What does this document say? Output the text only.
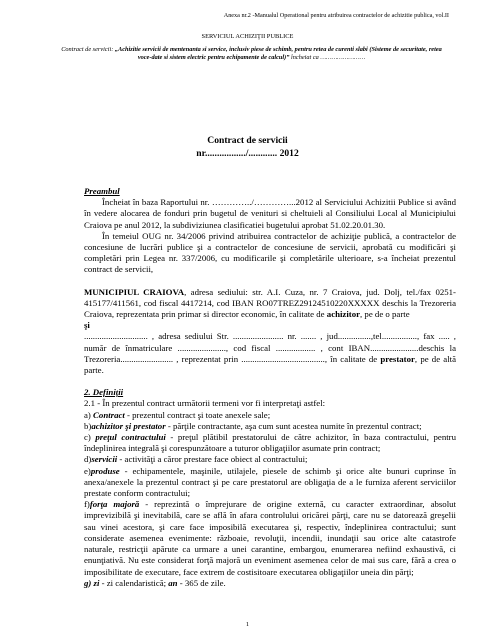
Anexa nr.2 -Manualul Operational pentru atribuirea contractelor de achizitie publica, vol.II
SERVICIUL ACHIZIŢII PUBLICE
Contract de servicii: „Achizitie servicii de mentenanta si service, inclusiv piese de schimb, pentru retea de curenti slabi (Sisteme de securitate, retea voce-date si sistem electric pentru echipamente de calcul)” încheiat ca ……………………
Contract de servicii
nr................./............ 2012

Preambul

Încheiat în baza Raportului nr. …………../…………...2012 al Serviciului Achizitii Publice si având în vedere alocarea de fonduri prin bugetul de venituri si cheltuieli al Consiliului Local al Municipiului Craiova pe anul 2012, la subdiviziunea clasificatiei bugetului aprobat 51.02.20.01.30.

În temeiul OUG nr. 34/2006 privind atribuirea contractelor de achiziţie publică, a contractelor de concesiune de lucrări publice şi a contractelor de concesiune de servicii, aprobată cu modificări şi completări prin Legea nr. 337/2006, cu modificarile şi completările ulterioare, s-a încheiat prezentul contract de servicii,

MUNICIPIUL CRAIOVA, adresa sediului: str. A.I. Cuza, nr. 7 Craiova, jud. Dolj, tel./fax 0251-415177/411561, cod fiscal 4417214, cod IBAN RO07TREZ29124510220XXXXX deschis la Trezoreria Craiova, reprezentata prin primar si director economic, în calitate de achizitor, pe de o parte

şi

............................. , adresa sediului Str. ....................... nr. ....... , jud...............,tel................, fax ..... , număr de înmatriculare ......................, cod fiscal .................. , cont IBAN......................deschis la Trezoreria........................ , reprezentat prin ......................................, în calitate de prestator, pe de altă parte.

2. Definiţii

2.1 - În prezentul contract următorii termeni vor fi interpretaţi astfel:

a) Contract - prezentul contract şi toate anexele sale;

b)achizitor şi prestator - părţile contractante, aşa cum sunt acestea numite în prezentul contract;

c) preţul contractului - preţul plătibil prestatorului de către achizitor, în baza contractului, pentru îndeplinirea integrală şi corespunzătoare a tuturor obligaţiilor asumate prin contract;

d)servicii - activităţi a căror prestare face obiect al contractului;

e)produse - echipamentele, maşinile, utilajele, piesele de schimb şi orice alte bunuri cuprinse în anexa/anexele la prezentul contract şi pe care prestatorul are obligaţia de a le furniza aferent serviciilor prestate conform contractului;

f)forţa majoră - reprezintă o împrejurare de origine externă, cu caracter extraordinar, absolut imprevizibilă şi inevitabilă, care se află în afara controlului oricărei părţi, care nu se datorează greşelii sau vinei acestora, şi care face imposibilă executarea şi, respectiv, îndeplinirea contractului; sunt considerate asemenea evenimente: războaie, revoluţii, incendii, inundaţii sau orice alte catastrofe naturale, restricţii apărute ca urmare a unei carantine, embargou, enumerarea nefiind exhaustivă, ci enunţiativă. Nu este considerat forţă majoră un eveniment asemenea celor de mai sus care, fără a crea o imposibilitate de executare, face extrem de costisitoare executarea obligaţiilor uneia din părţi;

g) zi - zi calendaristică; an - 365 de zile.

1
